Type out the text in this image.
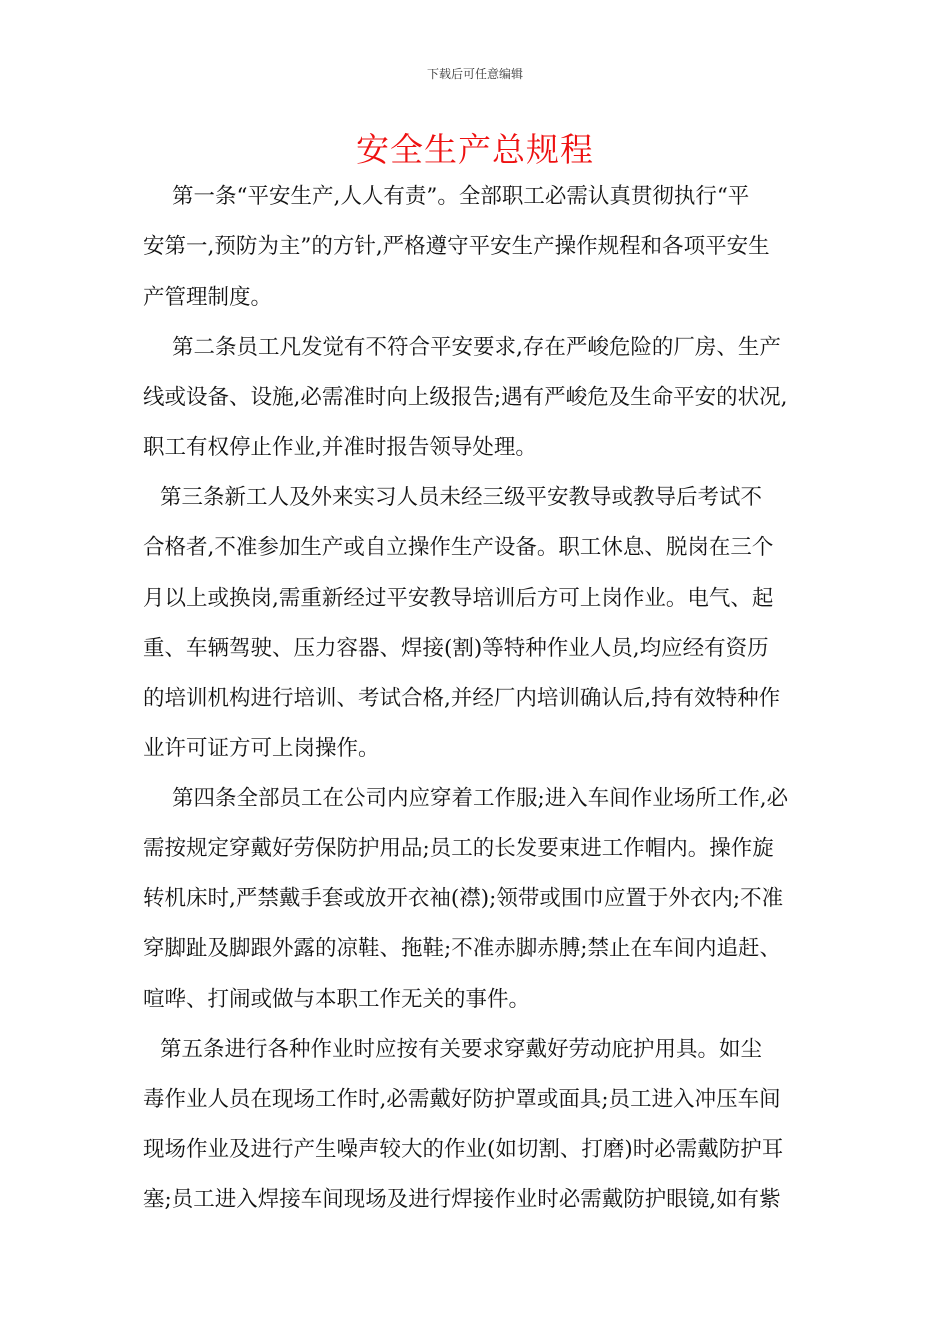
下载后可任意编辑
安全生产总规程
第一条“平安生产,人人有责”。全部职工必需认真贯彻执行“平
安第一,预防为主”的方针,严格遵守平安生产操作规程和各项平安生
产管理制度。
第二条员工凡发觉有不符合平安要求,存在严峻危险的厂房、生产
线或设备、设施,必需准时向上级报告;遇有严峻危及生命平安的状况,
职工有权停止作业,并准时报告领导处理。
第三条新工人及外来实习人员未经三级平安教导或教导后考试不
合格者,不准参加生产或自立操作生产设备。职工休息、脱岗在三个
月以上或换岗,需重新经过平安教导培训后方可上岗作业。电气、起
重、车辆驾驶、压力容器、焊接(割)等特种作业人员,均应经有资历
的培训机构进行培训、考试合格,并经厂内培训确认后,持有效特种作
业许可证方可上岗操作。
第四条全部员工在公司内应穿着工作服;进入车间作业场所工作,必
需按规定穿戴好劳保防护用品;员工的长发要束进工作帽内。操作旋
转机床时,严禁戴手套或放开衣袖(襟);领带或围巾应置于外衣内;不准
穿脚趾及脚跟外露的凉鞋、拖鞋;不准赤脚赤膊;禁止在车间内追赶、
喧哗、打闹或做与本职工作无关的事件。
第五条进行各种作业时应按有关要求穿戴好劳动庇护用具。如尘
毒作业人员在现场工作时,必需戴好防护罩或面具;员工进入冲压车间
现场作业及进行产生噪声较大的作业(如切割、打磨)时必需戴防护耳
塞;员工进入焊接车间现场及进行焊接作业时必需戴防护眼镜,如有紫
